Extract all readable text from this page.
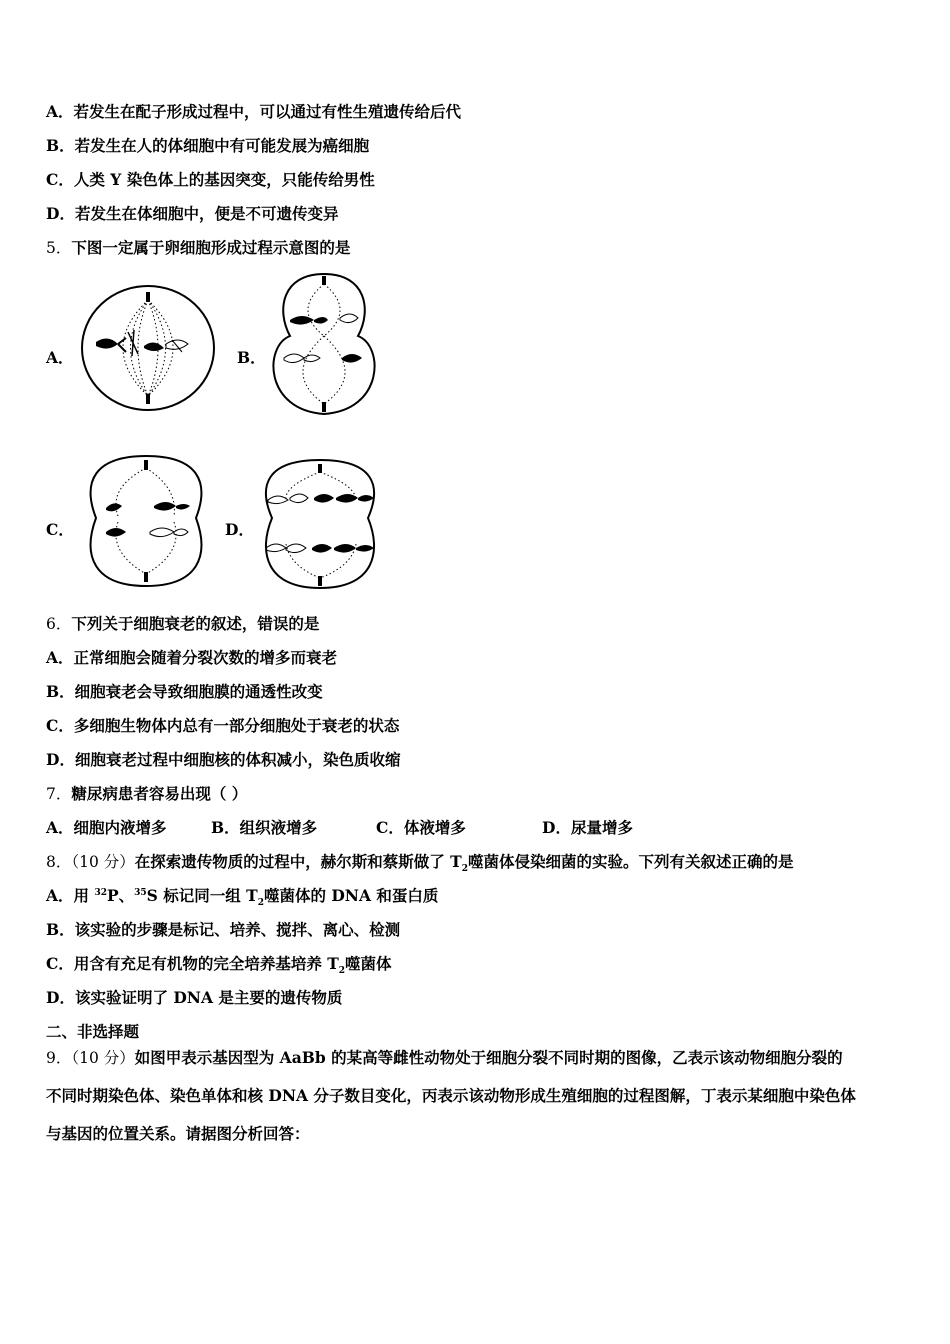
A．若发生在配子形成过程中，可以通过有性生殖遗传给后代
B．若发生在人的体细胞中有可能发展为癌细胞
C．人类 Y 染色体上的基因突变，只能传给男性
D．若发生在体细胞中，便是不可遗传变异
5．下图一定属于卵细胞形成过程示意图的是
A．	B．
C．	D．
6．下列关于细胞衰老的叙述，错误的是
A．正常细胞会随着分裂次数的增多而衰老
B．细胞衰老会导致细胞膜的通透性改变
C．多细胞生物体内总有一部分细胞处于衰老的状态
D．细胞衰老过程中细胞核的体积减小，染色质收缩
7．糖尿病患者容易出现（ ）
A．细胞内液增多	B．组织液增多	C．体液增多	D．尿量增多
8．（10 分）在探索遗传物质的过程中，赫尔斯和蔡斯做了 $T_2$噬菌体侵染细菌的实验。下列有关叙述正确的是
A．用 $^{32}$P、$^{35}$S 标记同一组 $T_2$噬菌体的 DNA 和蛋白质
B．该实验的步骤是标记、培养、搅拌、离心、检测
C．用含有充足有机物的完全培养基培养 $T_2$噬菌体
D．该实验证明了 DNA 是主要的遗传物质
二、非选择题
9．（10 分）如图甲表示基因型为 AaBb 的某高等雌性动物处于细胞分裂不同时期的图像，乙表示该动物细胞分裂的
不同时期染色体、染色单体和核 DNA 分子数目变化，丙表示该动物形成生殖细胞的过程图解，丁表示某细胞中染色体
与基因的位置关系。请据图分析回答：
